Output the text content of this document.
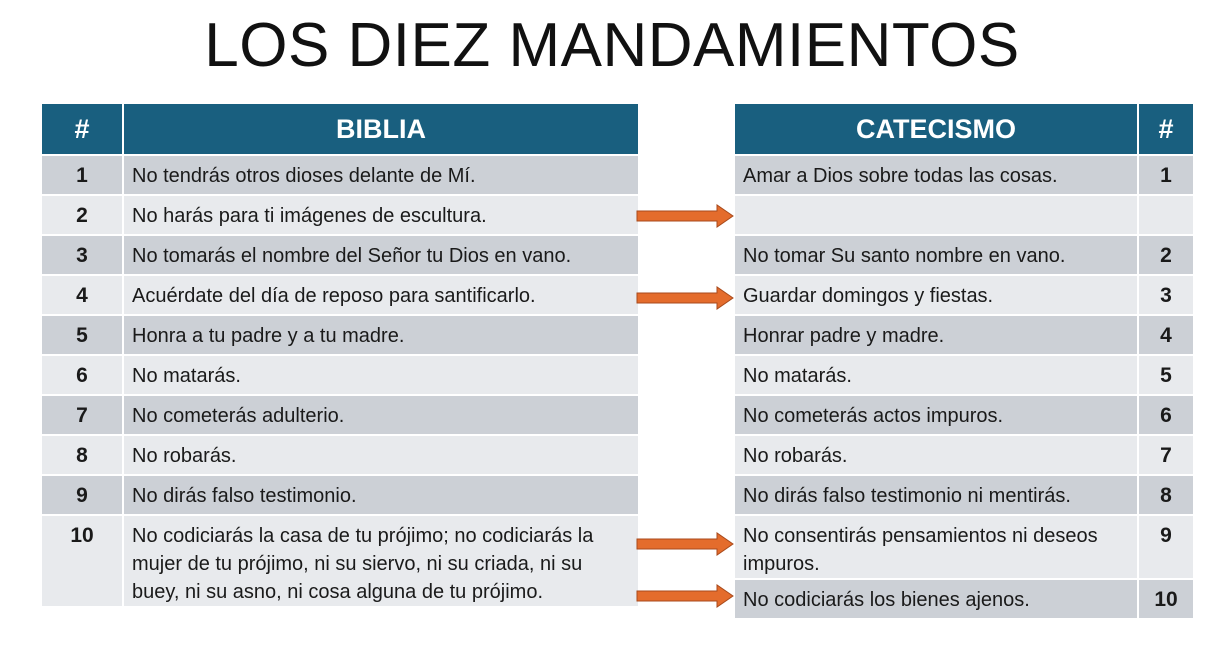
LOS DIEZ MANDAMIENTOS
#	BIBLIA
1	No tendrás otros dioses delante de Mí.
2	No harás para ti imágenes de escultura.
3	No tomarás el nombre del Señor tu Dios en vano.
4	Acuérdate del día de reposo para santificarlo.
5	Honra a tu padre y a tu madre.
6	No matarás.
7	No cometerás adulterio.
8	No robarás.
9	No dirás falso testimonio.
10	No codiciarás la casa de tu prójimo; no codiciarás la mujer de tu prójimo, ni su siervo, ni su criada, ni su buey, ni su asno, ni cosa alguna de tu prójimo.
CATECISMO	#
Amar a Dios sobre todas las cosas.	1

No tomar Su santo nombre en vano.	2
Guardar domingos y fiestas.	3
Honrar padre y madre.	4
No matarás.	5
No cometerás actos impuros.	6
No robarás.	7
No dirás falso testimonio ni mentirás.	8
No consentirás pensamientos ni deseos impuros.	9
No codiciarás los bienes ajenos.	10
